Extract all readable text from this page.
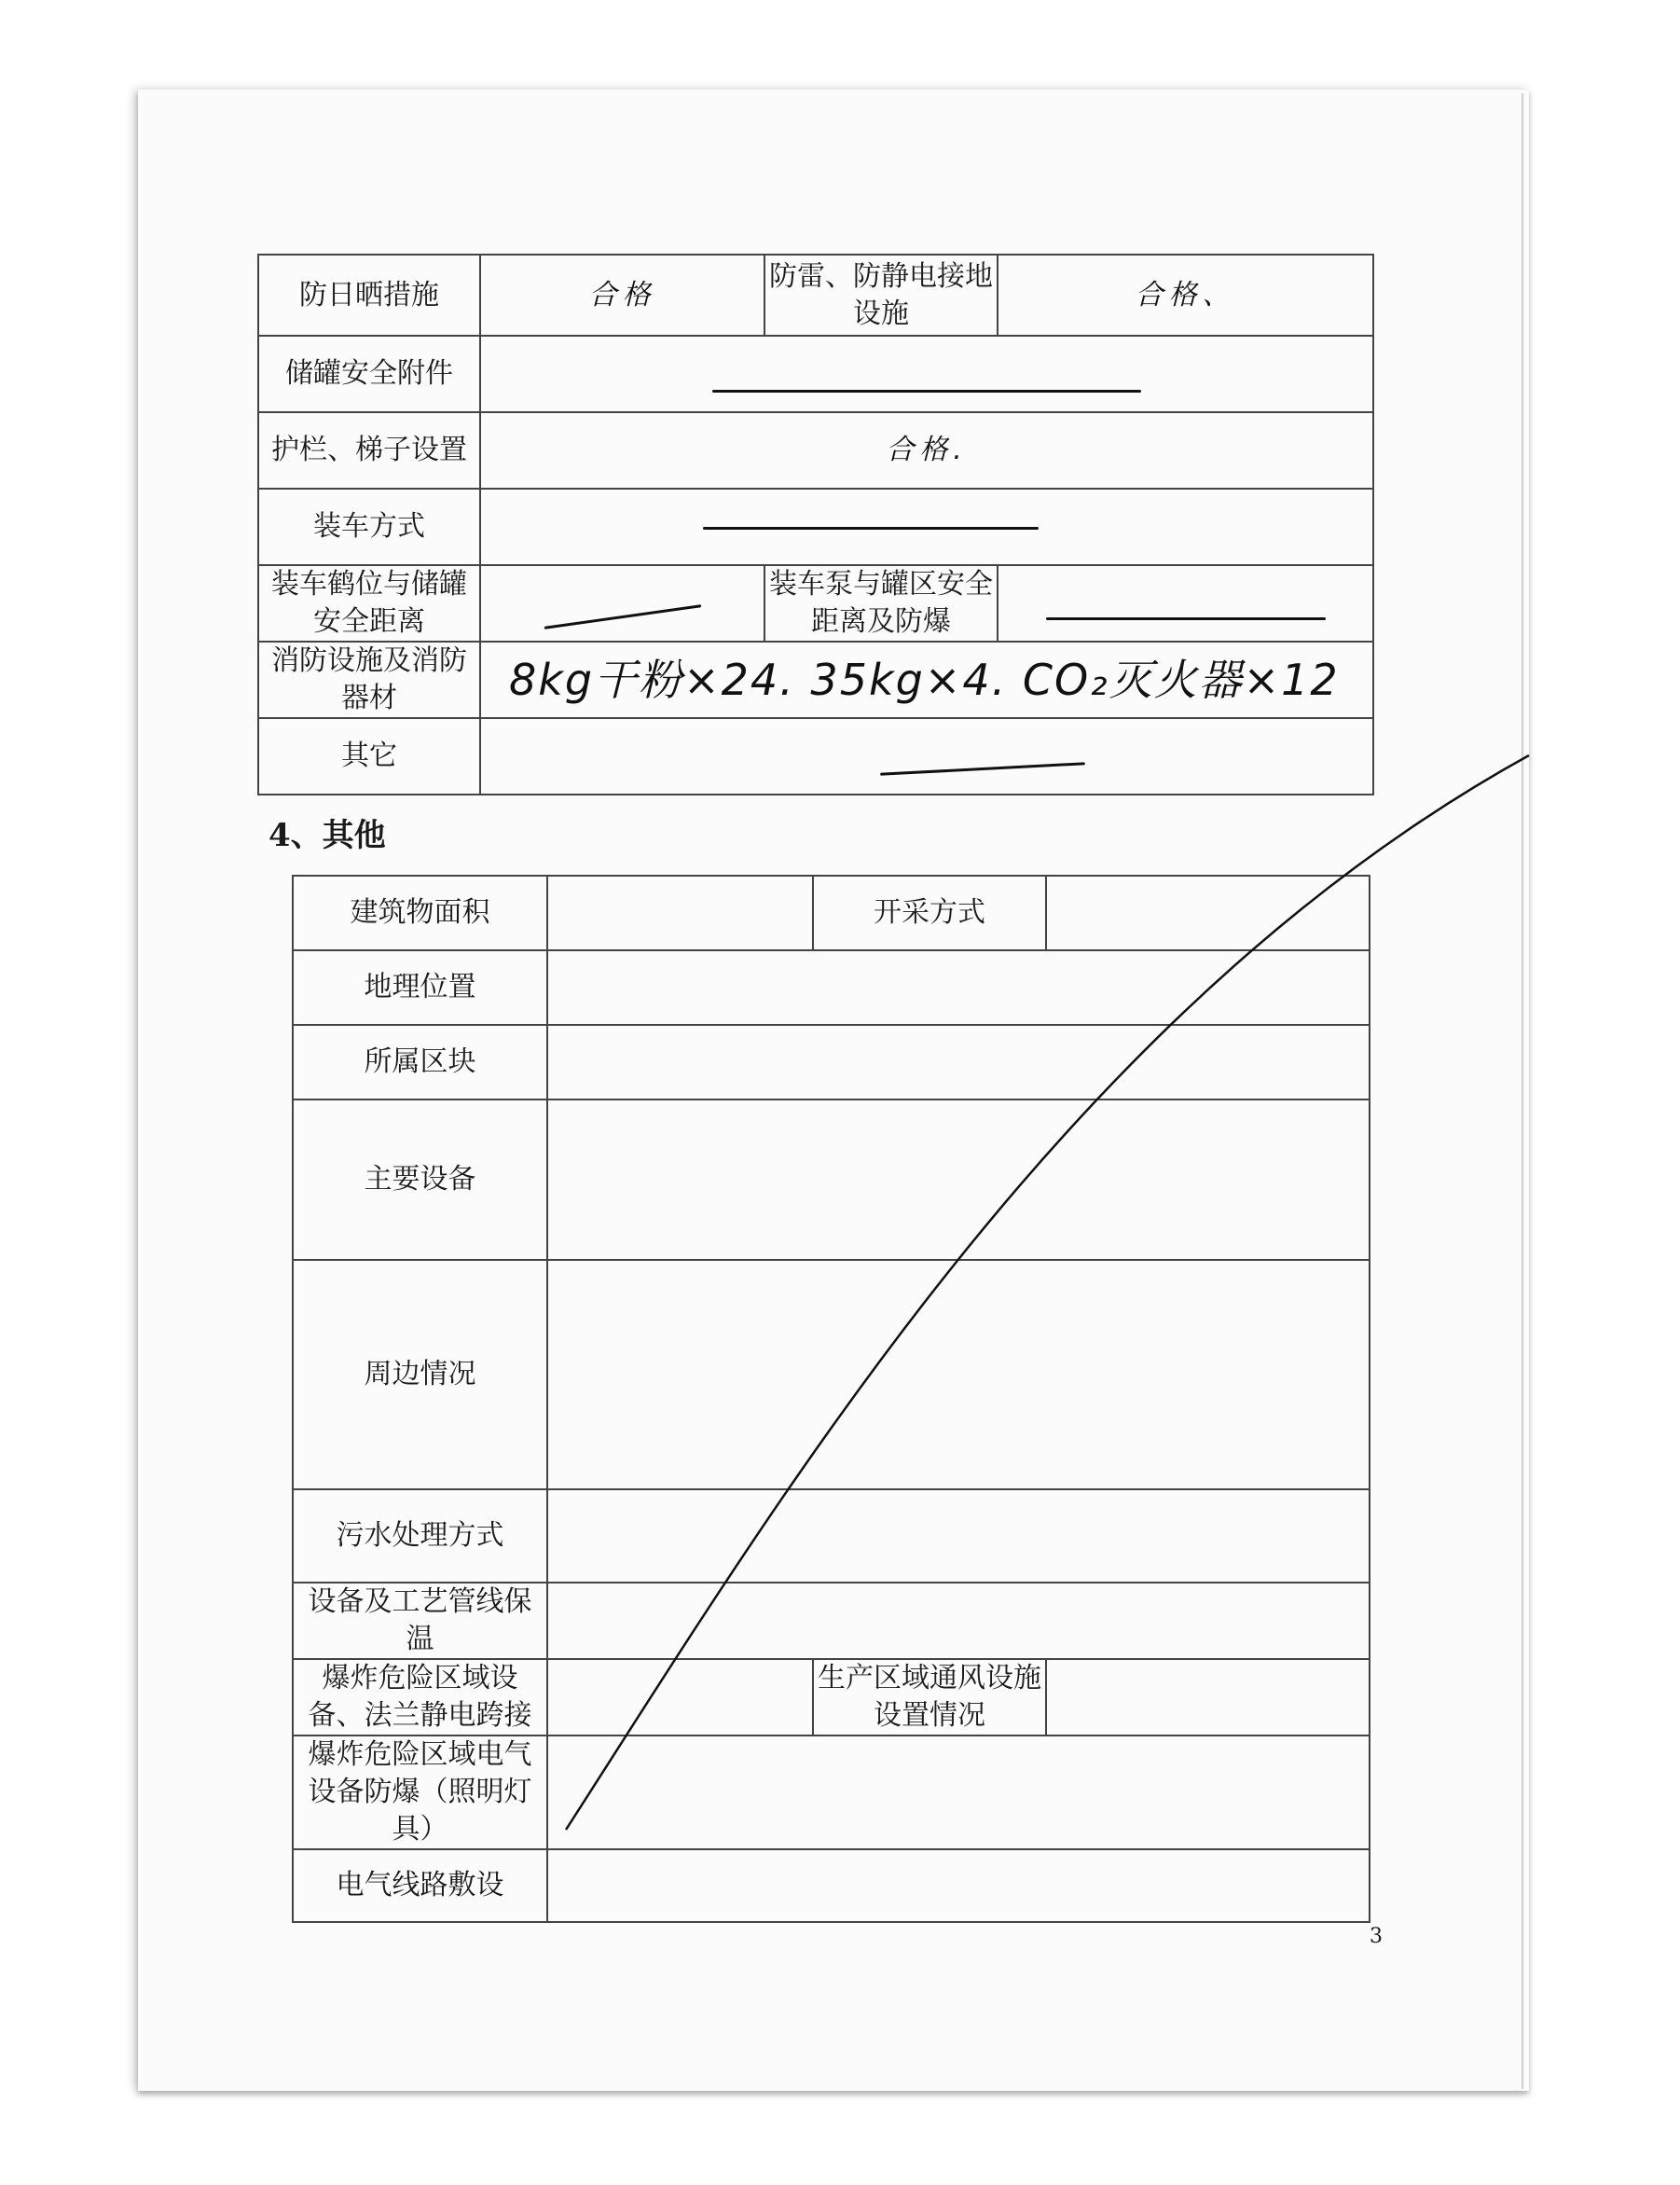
防日晒措施	合格	防雷、防静电接地设施	合格、
储罐安全附件			
护栏、梯子设置	合格.		
装车方式			
装车鹤位与储罐安全距离		装车泵与罐区安全距离及防爆	
消防设施及消防器材	8kg干粉×24. 35kg×4. CO₂灭火器×12		
其它			
4、其他
建筑物面积		开采方式	
地理位置			
所属区块			
主要设备			
周边情况			
污水处理方式			
设备及工艺管线保温			
爆炸危险区域设备、法兰静电跨接		生产区域通风设施设置情况	
爆炸危险区域电气设备防爆（照明灯具）			
电气线路敷设			
3
